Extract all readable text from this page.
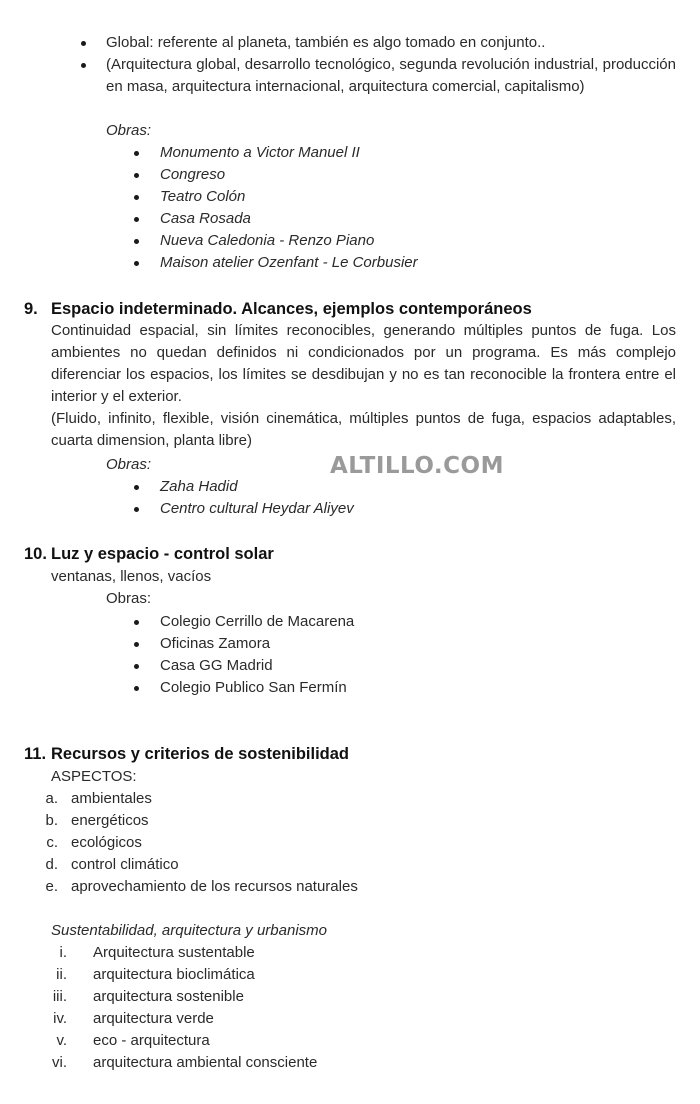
Global: referente al planeta, también es algo tomado en conjunto..
(Arquitectura global, desarrollo tecnológico, segunda revolución industrial, producción en masa, arquitectura internacional, arquitectura comercial, capitalismo)
Obras:
Monumento a Victor Manuel II
Congreso
Teatro Colón
Casa Rosada
Nueva Caledonia - Renzo Piano
Maison atelier Ozenfant - Le Corbusier
9. Espacio indeterminado. Alcances, ejemplos contemporáneos
Continuidad espacial, sin límites reconocibles, generando múltiples puntos de fuga. Los ambientes no quedan definidos ni condicionados por un programa. Es más complejo diferenciar los espacios, los límites se desdibujan y no es tan reconocible la frontera entre el interior y el exterior.
(Fluido, infinito, flexible, visión cinemática, múltiples puntos de fuga, espacios adaptables, cuarta dimension, planta libre)
Obras:	ALTILLO.COM
Zaha Hadid
Centro cultural Heydar Aliyev
10. Luz y espacio - control solar
ventanas, llenos, vacíos
Obras:
Colegio Cerrillo de Macarena
Oficinas Zamora
Casa GG Madrid
Colegio Publico San Fermín
11. Recursos y criterios de sostenibilidad
ASPECTOS:
a. ambientales
b. energéticos
c. ecológicos
d. control climático
e. aprovechamiento de los recursos naturales
Sustentabilidad, arquitectura y urbanismo
i. Arquitectura sustentable
ii. arquitectura bioclimática
iii. arquitectura sostenible
iv. arquitectura verde
v. eco - arquitectura
vi. arquitectura ambiental consciente
